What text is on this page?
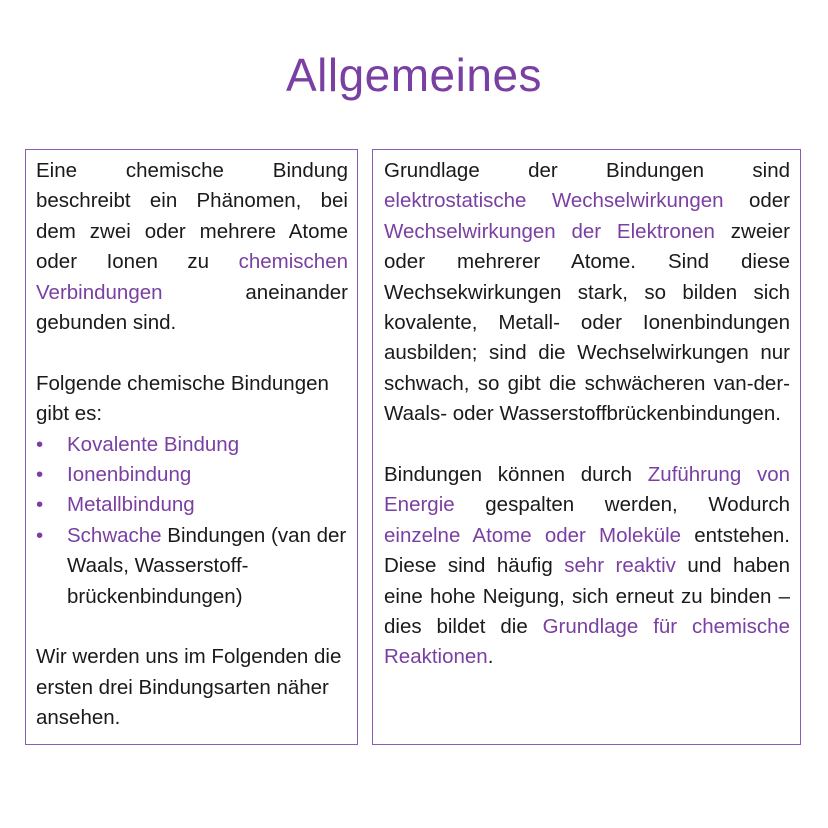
Allgemeines

Eine chemische Bindung beschreibt ein Phänomen, bei dem zwei oder mehrere Atome oder Ionen zu chemischen Verbindungen aneinander gebunden sind.

Folgende chemische Bindungen gibt es:

• Kovalente Bindung
• Ionenbindung
• Metallbindung
• Schwache Bindungen (van der Waals, Wasserstoff-brückenbindungen)

Wir werden uns im Folgenden die ersten drei Bindungsarten näher ansehen.

Grundlage der Bindungen sind elektrostatische Wechselwirkungen oder Wechselwirkungen der Elektronen zweier oder mehrerer Atome. Sind diese Wechsekwirkungen stark, so bilden sich kovalente, Metall- oder Ionenbindungen ausbilden; sind die Wechselwirkungen nur schwach, so gibt die schwächeren van-der-Waals- oder Wasserstoffbrückenbindungen.

Bindungen können durch Zuführung von Energie gespalten werden, Wodurch einzelne Atome oder Moleküle entstehen. Diese sind häufig sehr reaktiv und haben eine hohe Neigung, sich erneut zu binden – dies bildet die Grundlage für chemische Reaktionen.
